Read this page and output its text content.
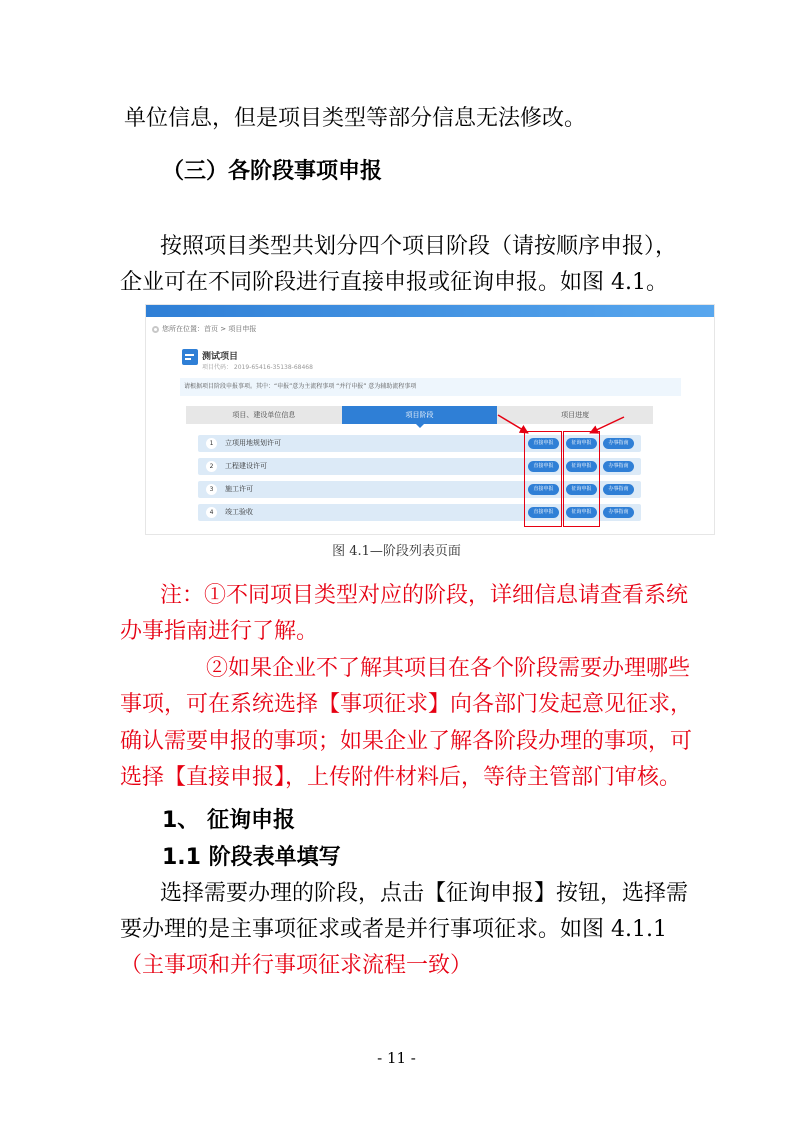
单位信息，但是项目类型等部分信息无法修改。
（三）各阶段事项申报
按照项目类型共划分四个项目阶段（请按顺序申报），
企业可在不同阶段进行直接申报或征询申报。如图 4.1。
您所在位置：首页 > 项目申报
测试项目
项目代码： 2019-65416-35138-68468
请根据项目阶段申报事项。其中：“申报”意为主流程事项 “并行申报” 意为辅助流程事项
项目、建设单位信息	项目阶段	项目进度
1	立项用地规划许可	直接申报	征询申报	办事指南
2	工程建设许可	直接申报	征询申报	办事指南
3	施工许可	直接申报	征询申报	办事指南
4	竣工验收	直接申报	征询申报	办事指南
图 4.1—阶段列表页面
注：①不同项目类型对应的阶段，详细信息请查看系统
办事指南进行了解。
②如果企业不了解其项目在各个阶段需要办理哪些
事项，可在系统选择【事项征求】向各部门发起意见征求，
确认需要申报的事项；如果企业了解各阶段办理的事项，可
选择【直接申报】，上传附件材料后，等待主管部门审核。
1、 征询申报
1.1 阶段表单填写
选择需要办理的阶段，点击【征询申报】按钮，选择需
要办理的是主事项征求或者是并行事项征求。如图 4.1.1
（主事项和并行事项征求流程一致）
- 11 -
